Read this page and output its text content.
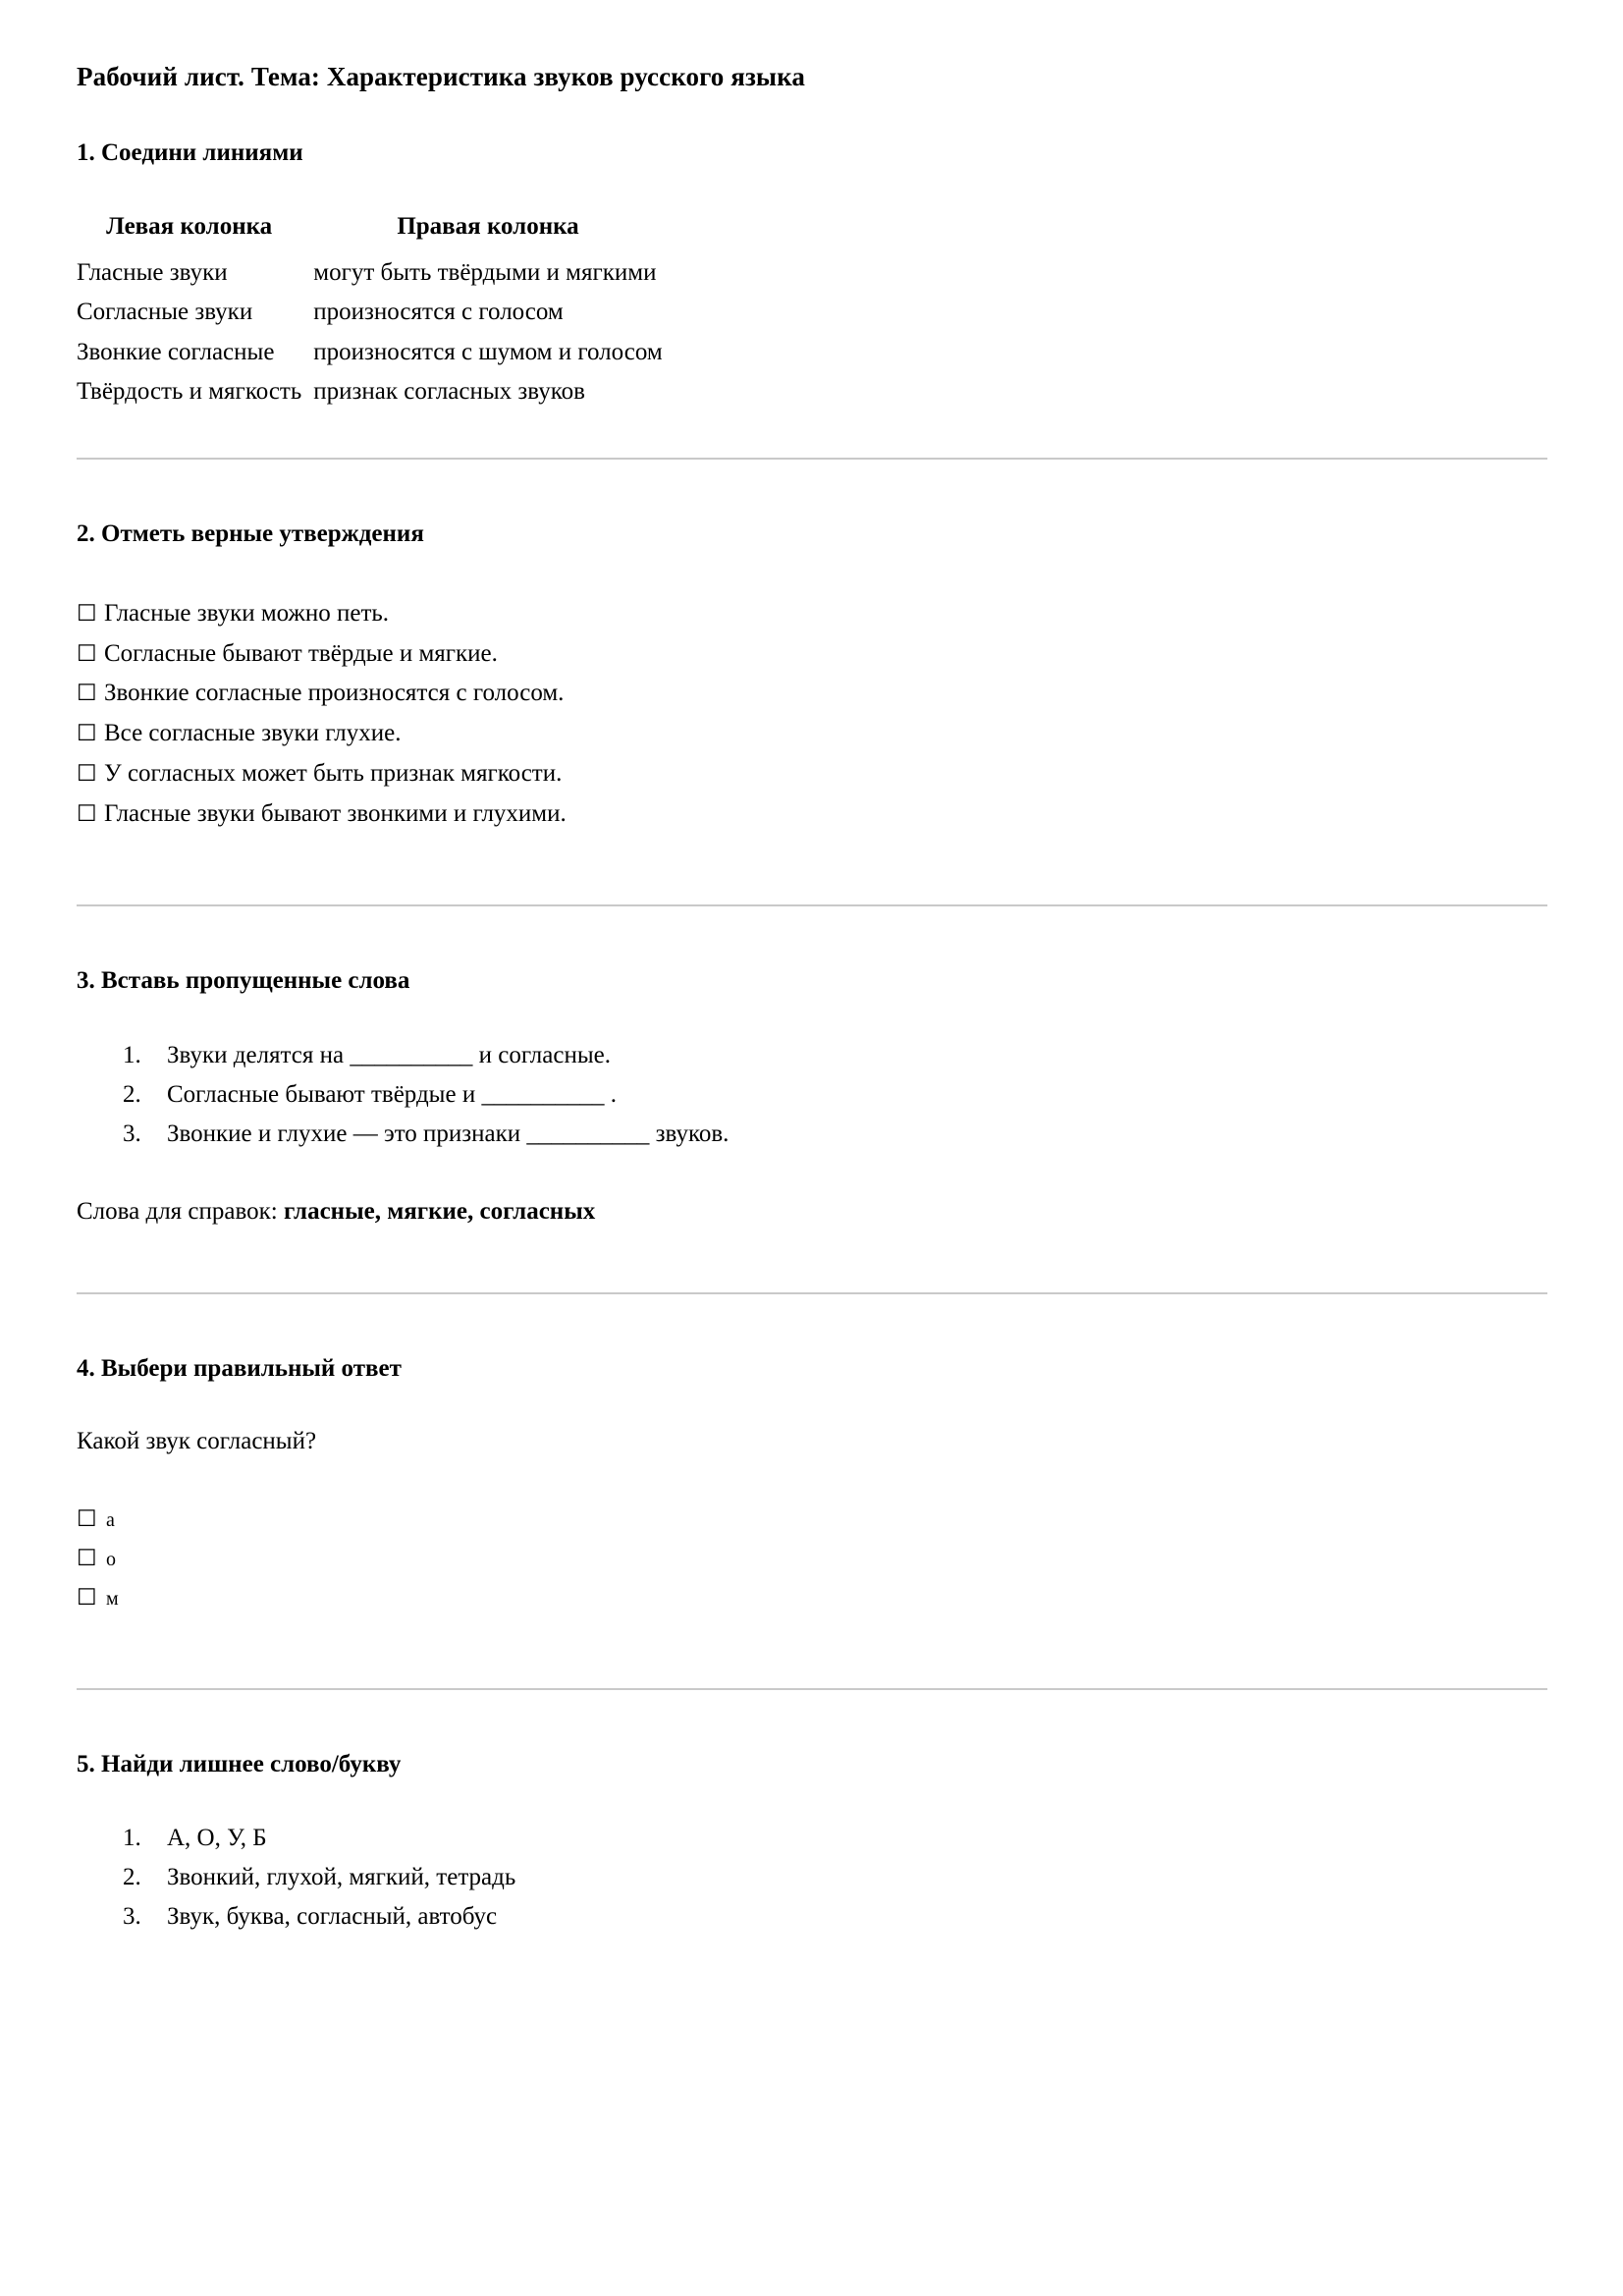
Рабочий лист. Тема: Характеристика звуков русского языка
1. Соедини линиями
Левая колонка	Правая колонка
Гласные звуки	могут быть твёрдыми и мягкими
Согласные звуки	произносятся с голосом
Звонкие согласные	произносятся с шумом и голосом
Твёрдость и мягкость	признак согласных звуков
2. Отметь верные утверждения
☐ Гласные звуки можно петь.
☐ Согласные бывают твёрдые и мягкие.
☐ Звонкие согласные произносятся с голосом.
☐ Все согласные звуки глухие.
☐ У согласных может быть признак мягкости.
☐ Гласные звуки бывают звонкими и глухими.
3. Вставь пропущенные слова
1. Звуки делятся на __________ и согласные.
2. Согласные бывают твёрдые и __________ .
3. Звонкие и глухие — это признаки __________ звуков.

Слова для справок: гласные, мягкие, согласных

4. Выбери правильный ответ

Какой звук согласный?

☐ а
☐ о
☐ м
5. Найди лишнее слово/букву
1. А, О, У, Б
2. Звонкий, глухой, мягкий, тетрадь
3. Звук, буква, согласный, автобус
